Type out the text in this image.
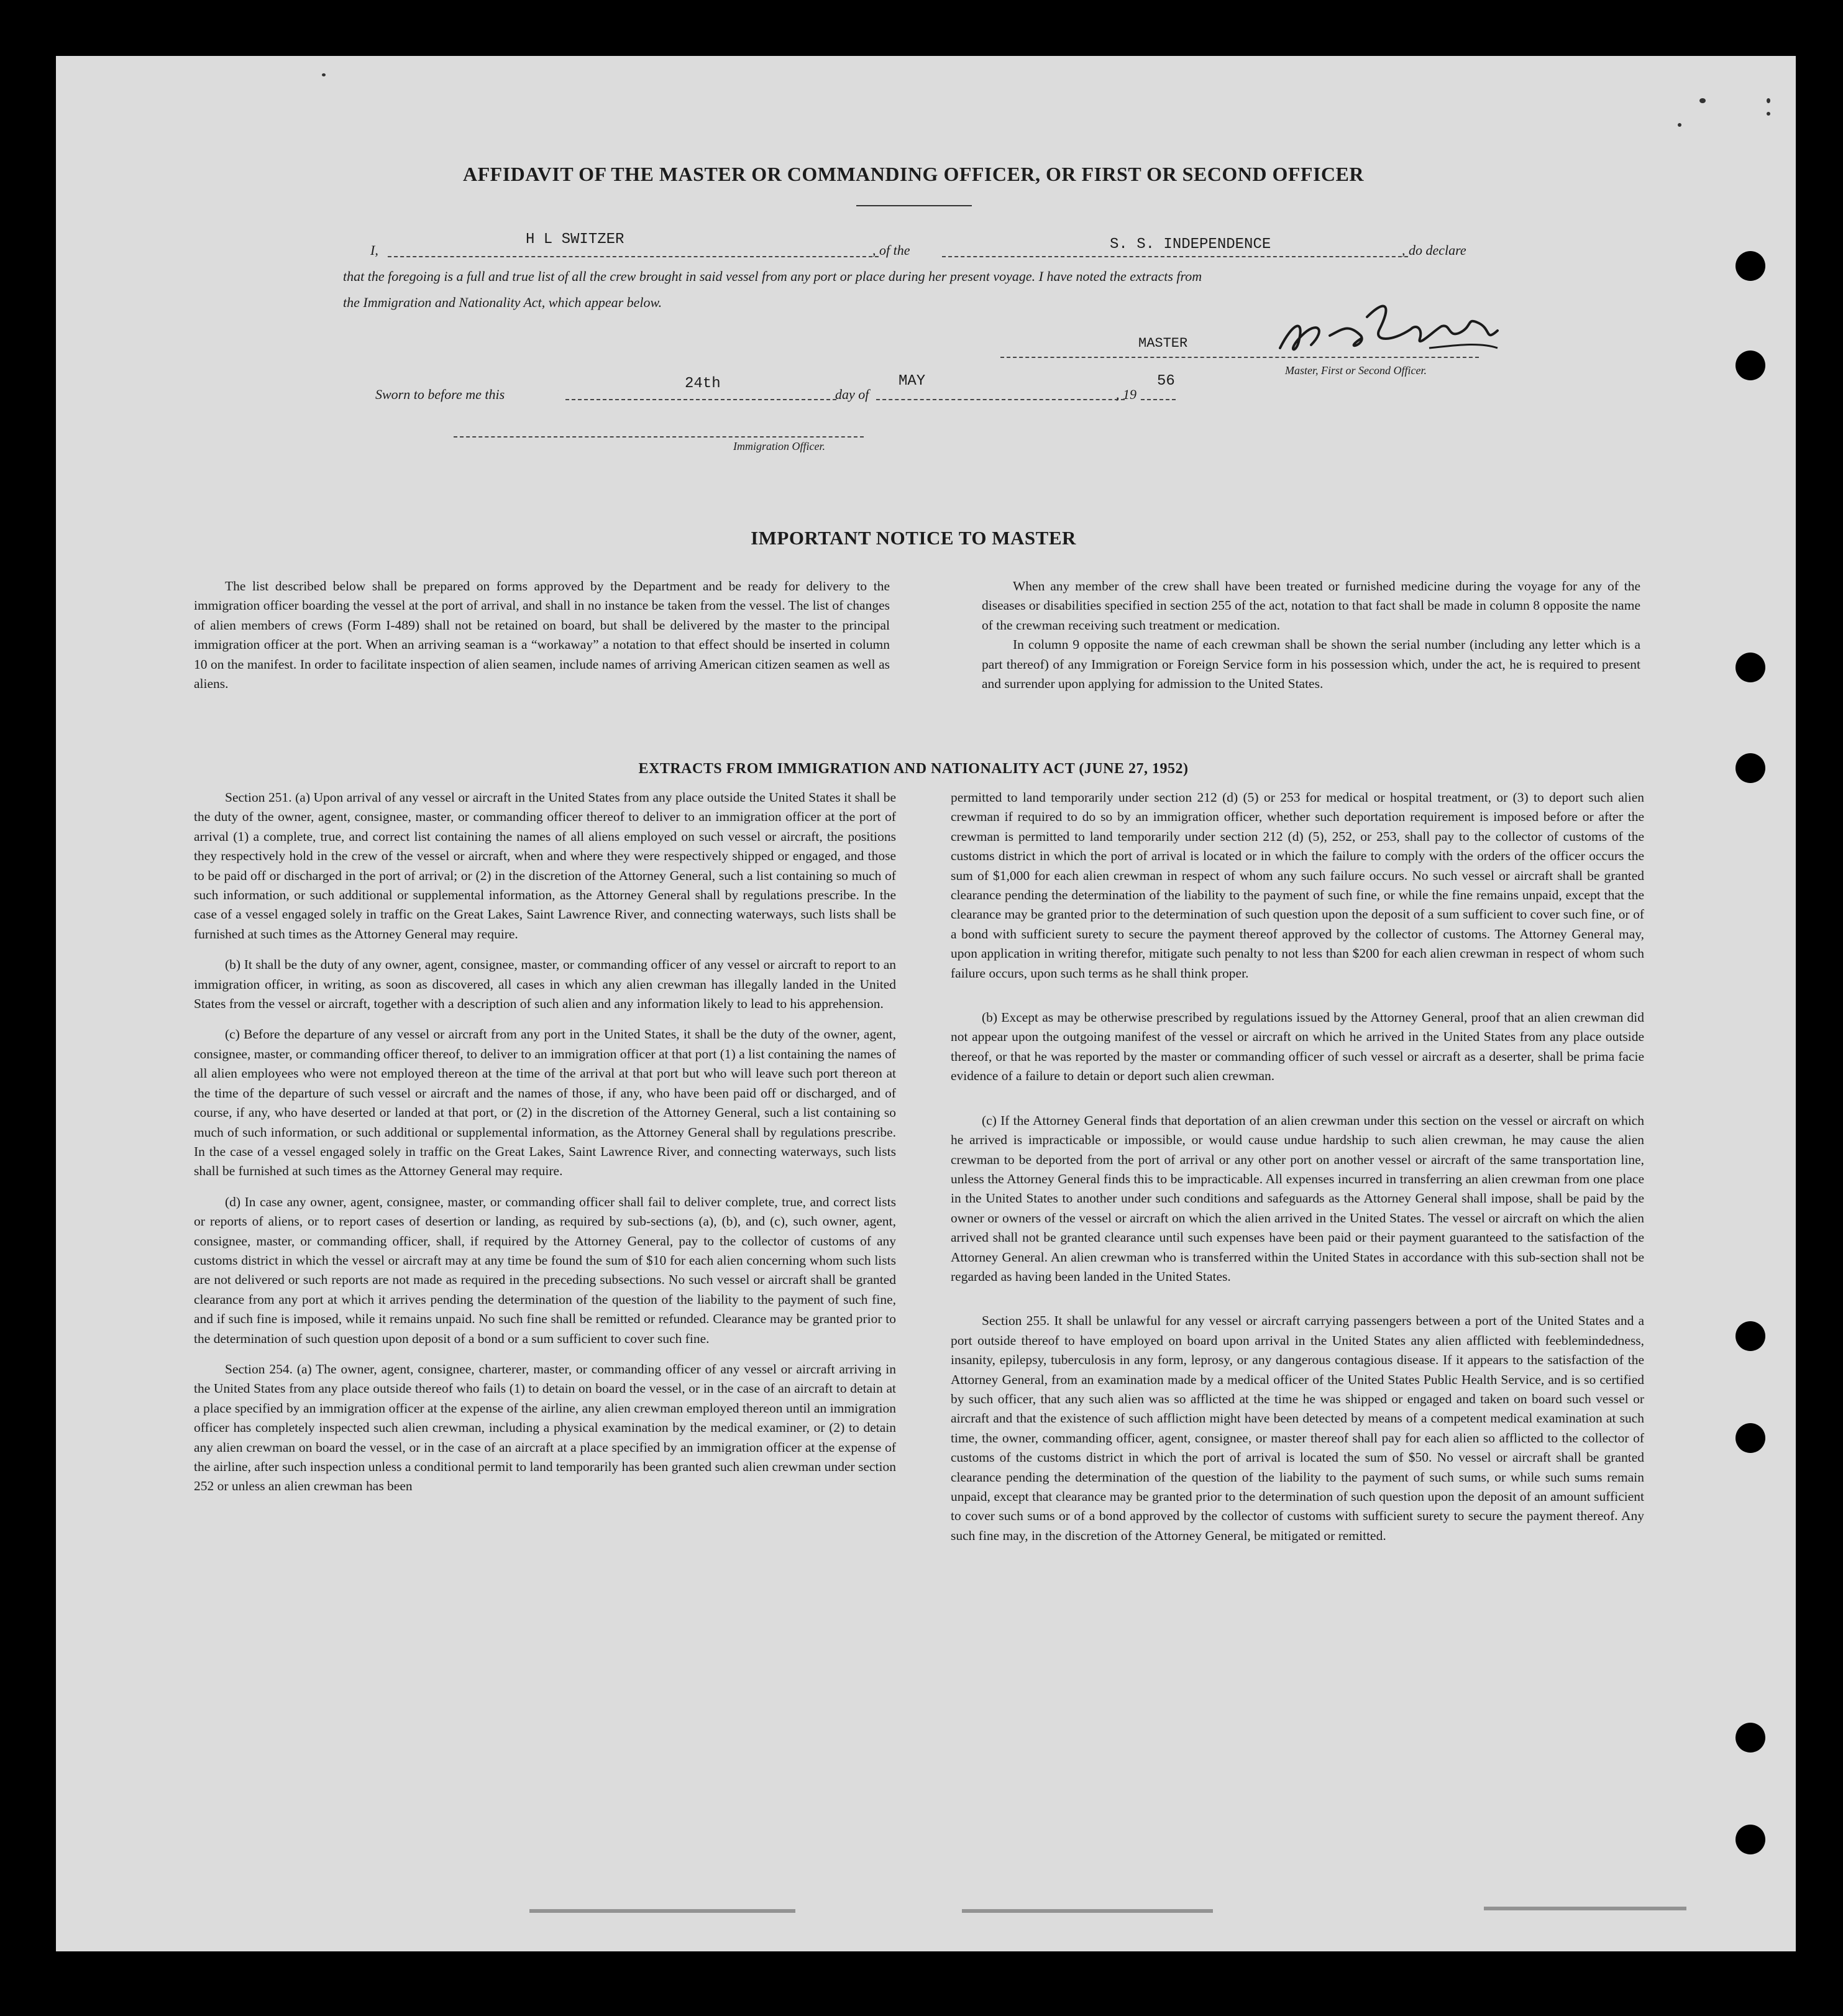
AFFIDAVIT OF THE MASTER OR COMMANDING OFFICER, OR FIRST OR SECOND OFFICER
I,
H L SWITZER
, of the	S. S. INDEPENDENCE	, do declare
that the foregoing is a full and true list of all the crew brought in said vessel from any port or place during her present voyage. I have noted the extracts from
the Immigration and Nationality Act, which appear below.
MASTER
Master, First or Second Officer.
Sworn to before me this
24th
day of
MAY
, 19
56
Immigration Officer.
IMPORTANT NOTICE TO MASTER

The list described below shall be prepared on forms approved by the Department and be ready for delivery to the immigration officer boarding the vessel at the port of arrival, and shall in no instance be taken from the vessel. The list of changes of alien members of crews (Form I-489) shall not be retained on board, but shall be delivered by the master to the principal immigration officer at the port. When an arriving seaman is a “workaway” a notation to that effect should be inserted in column 10 on the manifest. In order to facilitate inspection of alien seamen, include names of arriving American citizen seamen as well as aliens.

When any member of the crew shall have been treated or furnished medicine during the voyage for any of the diseases or disabilities specified in section 255 of the act, notation to that fact shall be made in column 8 opposite the name of the crewman receiving such treatment or medication.

In column 9 opposite the name of each crewman shall be shown the serial number (including any letter which is a part thereof) of any Immigration or Foreign Service form in his possession which, under the act, he is required to present and surrender upon applying for admission to the United States.

EXTRACTS FROM IMMIGRATION AND NATIONALITY ACT (JUNE 27, 1952)

Section 251. (a) Upon arrival of any vessel or aircraft in the United States from any place outside the United States it shall be the duty of the owner, agent, consignee, master, or commanding officer thereof to deliver to an immigration officer at the port of arrival (1) a complete, true, and correct list containing the names of all aliens employed on such vessel or aircraft, the positions they respectively hold in the crew of the vessel or aircraft, when and where they were respectively shipped or engaged, and those to be paid off or discharged in the port of arrival; or (2) in the discretion of the Attorney General, such a list containing so much of such information, or such additional or supplemental information, as the Attorney General shall by regulations prescribe. In the case of a vessel engaged solely in traffic on the Great Lakes, Saint Lawrence River, and connecting waterways, such lists shall be furnished at such times as the Attorney General may require.

(b) It shall be the duty of any owner, agent, consignee, master, or commanding officer of any vessel or aircraft to report to an immigration officer, in writing, as soon as discovered, all cases in which any alien crewman has illegally landed in the United States from the vessel or aircraft, together with a description of such alien and any information likely to lead to his apprehension.

(c) Before the departure of any vessel or aircraft from any port in the United States, it shall be the duty of the owner, agent, consignee, master, or commanding officer thereof, to deliver to an immigration officer at that port (1) a list containing the names of all alien employees who were not employed thereon at the time of the arrival at that port but who will leave such port thereon at the time of the departure of such vessel or aircraft and the names of those, if any, who have been paid off or discharged, and of course, if any, who have deserted or landed at that port, or (2) in the discretion of the Attorney General, such a list containing so much of such information, or such additional or supplemental information, as the Attorney General shall by regulations prescribe. In the case of a vessel engaged solely in traffic on the Great Lakes, Saint Lawrence River, and connecting waterways, such lists shall be furnished at such times as the Attorney General may require.

(d) In case any owner, agent, consignee, master, or commanding officer shall fail to deliver complete, true, and correct lists or reports of aliens, or to report cases of desertion or landing, as required by sub-sections (a), (b), and (c), such owner, agent, consignee, master, or commanding officer, shall, if required by the Attorney General, pay to the collector of customs of any customs district in which the vessel or aircraft may at any time be found the sum of $10 for each alien concerning whom such lists are not delivered or such reports are not made as required in the preceding subsections. No such vessel or aircraft shall be granted clearance from any port at which it arrives pending the determination of the question of the liability to the payment of such fine, and if such fine is imposed, while it remains unpaid. No such fine shall be remitted or refunded. Clearance may be granted prior to the determination of such question upon deposit of a bond or a sum sufficient to cover such fine.

Section 254. (a) The owner, agent, consignee, charterer, master, or commanding officer of any vessel or aircraft arriving in the United States from any place outside thereof who fails (1) to detain on board the vessel, or in the case of an aircraft to detain at a place specified by an immigration officer at the expense of the airline, any alien crewman employed thereon until an immigration officer has completely inspected such alien crewman, including a physical examination by the medical examiner, or (2) to detain any alien crewman on board the vessel, or in the case of an aircraft at a place specified by an immigration officer at the expense of the airline, after such inspection unless a conditional permit to land temporarily has been granted such alien crewman under section 252 or unless an alien crewman has been

permitted to land temporarily under section 212 (d) (5) or 253 for medical or hospital treatment, or (3) to deport such alien crewman if required to do so by an immigration officer, whether such deportation requirement is imposed before or after the crewman is permitted to land temporarily under section 212 (d) (5), 252, or 253, shall pay to the collector of customs of the customs district in which the port of arrival is located or in which the failure to comply with the orders of the officer occurs the sum of $1,000 for each alien crewman in respect of whom any such failure occurs. No such vessel or aircraft shall be granted clearance pending the determination of the liability to the payment of such fine, or while the fine remains unpaid, except that the clearance may be granted prior to the determination of such question upon the deposit of a sum sufficient to cover such fine, or of a bond with sufficient surety to secure the payment thereof approved by the collector of customs. The Attorney General may, upon application in writing therefor, mitigate such penalty to not less than $200 for each alien crewman in respect of whom such failure occurs, upon such terms as he shall think proper.

(b) Except as may be otherwise prescribed by regulations issued by the Attorney General, proof that an alien crewman did not appear upon the outgoing manifest of the vessel or aircraft on which he arrived in the United States from any place outside thereof, or that he was reported by the master or commanding officer of such vessel or aircraft as a deserter, shall be prima facie evidence of a failure to detain or deport such alien crewman.

(c) If the Attorney General finds that deportation of an alien crewman under this section on the vessel or aircraft on which he arrived is impracticable or impossible, or would cause undue hardship to such alien crewman, he may cause the alien crewman to be deported from the port of arrival or any other port on another vessel or aircraft of the same transportation line, unless the Attorney General finds this to be impracticable. All expenses incurred in transferring an alien crewman from one place in the United States to another under such conditions and safeguards as the Attorney General shall impose, shall be paid by the owner or owners of the vessel or aircraft on which the alien arrived in the United States. The vessel or aircraft on which the alien arrived shall not be granted clearance until such expenses have been paid or their payment guaranteed to the satisfaction of the Attorney General. An alien crewman who is transferred within the United States in accordance with this sub-section shall not be regarded as having been landed in the United States.

Section 255. It shall be unlawful for any vessel or aircraft carrying passengers between a port of the United States and a port outside thereof to have employed on board upon arrival in the United States any alien afflicted with feeblemindedness, insanity, epilepsy, tuberculosis in any form, leprosy, or any dangerous contagious disease. If it appears to the satisfaction of the Attorney General, from an examination made by a medical officer of the United States Public Health Service, and is so certified by such officer, that any such alien was so afflicted at the time he was shipped or engaged and taken on board such vessel or aircraft and that the existence of such affliction might have been detected by means of a competent medical examination at such time, the owner, commanding officer, agent, consignee, or master thereof shall pay for each alien so afflicted to the collector of customs of the customs district in which the port of arrival is located the sum of $50. No vessel or aircraft shall be granted clearance pending the determination of the question of the liability to the payment of such sums, or while such sums remain unpaid, except that clearance may be granted prior to the determination of such question upon the deposit of an amount sufficient to cover such sums or of a bond approved by the collector of customs with sufficient surety to secure the payment thereof. Any such fine may, in the discretion of the Attorney General, be mitigated or remitted.
